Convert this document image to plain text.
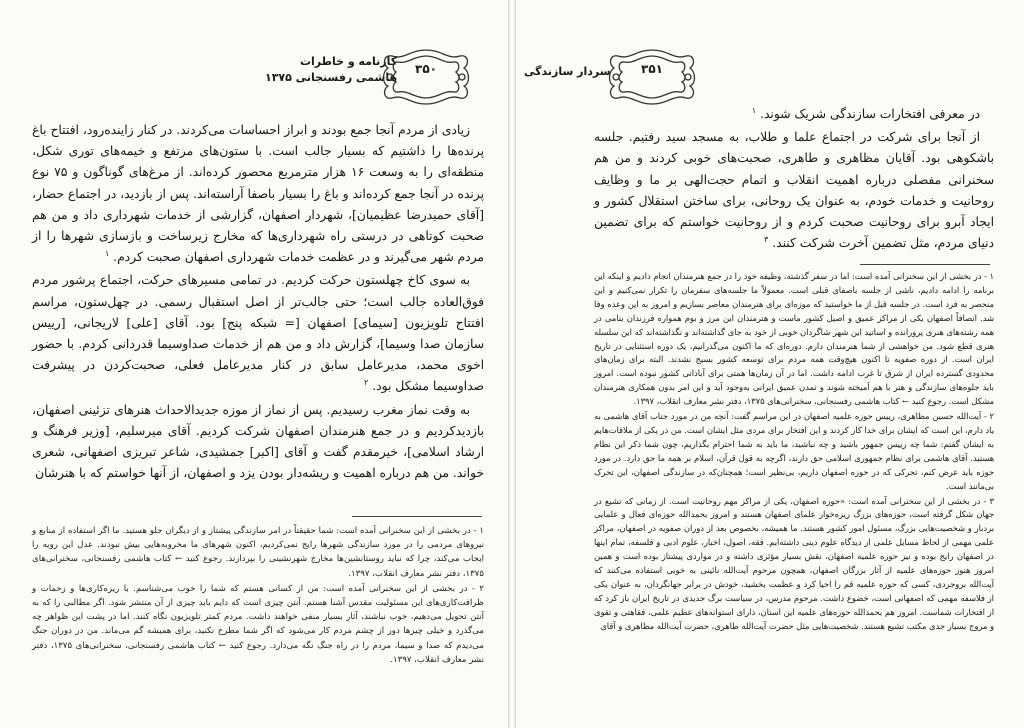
کارنامه و خاطرات
هاشمی رفسنجانی ۱۳۷۵
۳۵۰

زیادی از مردم آنجا جمع بودند و ابراز احساسات می‌کردند. در کنار زاینده‌رود، افتتاح باغ پرنده‌ها را داشتیم که بسیار جالب است. با ستون‌های مرتفع و خیمه‌های توری شکل، منطقه‌ای را به وسعت ۱۶ هزار مترمربع محصور کرده‌اند. از مرغ‌های گوناگون و ۷۵ نوع پرنده در آنجا جمع کرده‌اند و باغ را بسیار باصفا آراسته‌اند. پس از بازدید، در اجتماع حضار، [آقای حمیدرضا عظیمیان]، شهردار اصفهان، گزارشی از خدمات شهرداری داد و من هم صحبت کوتاهی در درستی راه شهرداری‌ها که مخارج زیرساخت و بازسازی شهرها را از مردم شهر می‌گیرند و در عظمت خدمات شهرداری اصفهان صحبت کردم. $^۱$

به سوی کاخ چهلستون حرکت کردیم. در تمامی مسیرهای حرکت، اجتماع پرشور مردم فوق‌العاده جالب است؛ حتی جالب‌تر از اصل استقبال رسمی. در چهل‌ستون، مراسم افتتاح تلویزیون [سیمای] اصفهان [= شبکه پنج] بود. آقای [علی] لاریجانی، [رییس سازمان صدا وسیما]، گزارش داد و من هم از خدمات صداوسیما قدردانی کردم. با حضور اخوی محمد، مدیرعامل سابق در کنار مدیرعامل فعلی، صحبت‌کردن در پیشرفت صداوسیما مشکل بود. $^۲$

به وقت نماز مغرب رسیدیم. پس از نماز از موزه جدیدالاحداث هنرهای تزئینی اصفهان، بازدیدکردیم و در جمع هنرمندان اصفهان شرکت کردیم. آقای میرسلیم، [وزیر فرهنگ و ارشاد اسلامی]، خیرمقدم گفت و آقای [اکبر] جمشیدی، شاعر تبریزی اصفهانی، شعری خواند. من هم درباره اهمیت و ریشه‌دار بودن یزد و اصفهان، از آنها خواستم که با هنرشان

۱ - در بخشی از این سخنرانی آمده است: شما حقیقتاً در امر سازندگی پیشتاز و از دیگران جلو هستید. ما اگر استفاده از منابع و نیروهای مردمی را در مورد سازندگی شهرها رایج نمی‌کردیم، اکنون شهرهای ما مخروبه‌هایی بیش نبودند. عدل این رویه را ایجاب می‌کند، چرا که نباید روستانشین‌ها مخارج شهرنشینی را بپردازند. رجوع کنید ← کتاب هاشمی رفسنجانی، سخنرانی‌های ۱۳۷۵، دفتر نشر معارف انقلاب، ۱۳۹۷.

۲ - در بخشی از این سخنرانی آمده است: من از کسانی هستم که شما را خوب می‌شناسم. با ریزه‌کاری‌ها و زحمات و ظرافت‌کاری‌های این مسئولیت مقدس آشنا هستم. آنتن چیزی است که دایم باید چیزی از آن منتشر شود. اگر مطالبی را که به آنتن تحویل می‌دهیم، خوب نباشند، آثار بسیار منفی خواهند داشت. مردم کمتر تلویزیون نگاه کنند. اما در پشت این ظواهر چه می‌گذرد و خیلی چیزها دور از چشم مردم کار می‌شود که اگر شما مطرح نکنید، برای همیشه گم می‌ماند. من در دوران جنگ می‌دیدم که صدا و سیما، مردم را در راه جنگ نگه می‌دارد. رجوع کنید ← کتاب هاشمی رفسنجانی، سخنرانی‌های ۱۳۷۵، دفتر نشر معارف انقلاب، ۱۳۹۷.

سردار سازندگی	۳۵۱

در معرفی افتخارات سازندگی شریک شوند. $^۱$

از آنجا برای شرکت در اجتماع علما و طلاب، به مسجد سید رفتیم. جلسه باشکوهی بود. آقایان مظاهری و طاهری، صحبت‌های خوبی کردند و من هم سخنرانی مفصلی درباره اهمیت انقلاب و اتمام حجت‌الهی بر ما و وظایف روحانیت و خدمات خودم، به عنوان یک روحانی، برای ساختن استقلال کشور و ایجاد آبرو برای روحانیت صحبت کردم و از روحانیت خواستم که برای تضمین دنیای مردم، مثل تضمین آخرت شرکت کنند. $^۳$

۱ - در بخشی از این سخنرانی آمده است: اما در سفر گذشته، وظیفه خود را در جمع هنرمندان انجام دادیم و اینکه این برنامه را ادامه دادیم، ناشی از جلسه باصفای قبلی است. معمولاً ما جلسه‌های سفرمان را تکرار نمی‌کنیم و این منحصر به فرد است. در جلسه قبل از ما خواستید که موزه‌ای برای هنرمندان معاصر بسازیم و امروز به این وعده وفا شد. انصافاً اصفهان یکی از مراکز عمیق و اصیل کشور ماست و هنرمندان این مرز و بوم همواره فرزندان بنامی در همه رشته‌های هنری پرورانده و اساتید این شهر شاگردان خوبی از خود به جای گذاشته‌اند و نگذاشته‌اند که این سلسله هنری قطع شود. من خواهشی از شما هنرمندان دارم. دوره‌ای که ما اکنون می‌گذرانیم، یک دوره استثنایی در تاریخ ایران است. از دوره صفویه تا اکنون هیچ‌وقت همه مردم برای توسعه کشور بسیج نشدند. البته برای زمان‌های محدودی گسترده ایران از شرق تا غرب ادامه داشت. اما در آن زمان‌ها همتی برای آبادانی کشور نبوده است. امروز باید جلوه‌های سازندگی و هنر با هم آمیخته شوند و تمدن عمیق ایرانی به‌وجود آید و این امر بدون همکاری هنرمندان مشکل است. رجوع کنید ← کتاب هاشمی رفسنجانی، سخنرانی‌های ۱۳۷۵، دفتر نشر معارف انقلاب، ۱۳۹۷.

۲ - آیت‌الله حسین مظاهری، رییس حوزه علمیه اصفهان در این مراسم گفت: آنچه من در مورد جناب آقای هاشمی به یاد دارم، این است که ایشان برای خدا کار کردند و این افتخار برای مردی مثل ایشان است. من در یکی از ملاقات‌هایم به ایشان گفتم: شما چه رییس جمهور باشید و چه نباشید، ما باید به شما احترام بگذاریم، چون شما ذکر این نظام هستید. آقای هاشمی برای نظام جمهوری اسلامی حق دارند، اگرچه به قول قرآن، اسلام بر همه ما حق دارد. در مورد حوزه باید عرض کنم، تحرکی که در حوزه اصفهان داریم، بی‌نظیر است؛ همچنان‌که در سازندگی اصفهان، این تحرک بی‌مانند است.

۳ - در بخشی از این سخنرانی آمده است: «حوزه اصفهان، یکی از مراکز مهم روحانیت است. از زمانی که تشیع در جهان شکل گرفته است، حوزه‌های بزرگ ریزه‌خوار علمای اصفهان هستند و امروز بحمدالله حوزه‌ای فعال و علمایی بردبار و شخصیت‌هایی بزرگ، مسئول امور کشور هستند. ما همیشه، بخصوص بعد از دوران صفویه در اصفهان، مراکز علمی مهمی از لحاظ مسایل علمی از دیدگاه علوم دینی داشته‌ایم. فقه، اصول، اخبار، علوم ادبی و فلسفه، تمام اینها در اصفهان رایج بوده و نیز حوزه علمیه اصفهان، نقش بسیار مؤثری داشته و در مواردی پیشتاز بوده است و همین امروز هنوز حوزه‌های علمیه از آثار بزرگان اصفهان، همچون مرحوم آیت‌الله نائینی به خوبی استفاده می‌کنند که آیت‌الله بروجردی، کسی که حوزه علمیه قم را احیا کرد و عظمت بخشید، خودش در برابر جهانگردان، به عنوان یکی از فلاسفه مهمی که اصفهانی است، خضوع داشت. مرحوم مدرس، در سیاست برگ جدیدی در تاریخ ایران باز کرد که از افتخارات شماست. امروز هم بحمدالله حوزه‌های علمیه این استان، دارای استوانه‌های عظیم علمی، فقاهتی و تقوی و مروج بسیار جدی مکتب تشیع هستند. شخصیت‌هایی مثل حضرت آیت‌الله طاهری، حضرت آیت‌الله مظاهری و آقای
